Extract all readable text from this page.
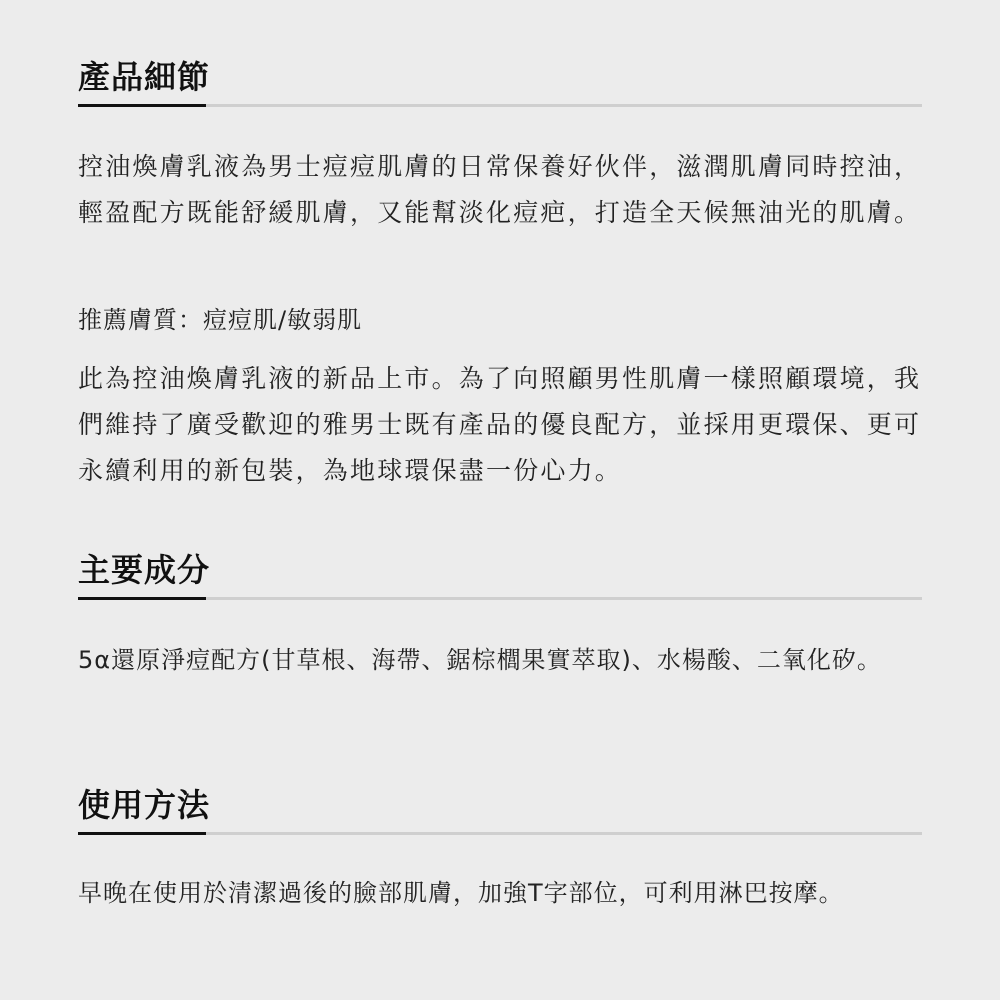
產品細節

控油煥膚乳液為男士痘痘肌膚的日常保養好伙伴，滋潤肌膚同時控油，輕盈配方既能舒緩肌膚，又能幫淡化痘疤，打造全天候無油光的肌膚。

推薦膚質：痘痘肌/敏弱肌

此為控油煥膚乳液的新品上市。為了向照顧男性肌膚一樣照顧環境，我們維持了廣受歡迎的雅男士既有產品的優良配方，並採用更環保、更可永續利用的新包裝，為地球環保盡一份心力。

主要成分

5α還原淨痘配方(甘草根、海帶、鋸棕櫚果實萃取)、水楊酸、二氧化矽。

使用方法

早晚在使用於清潔過後的臉部肌膚，加強T字部位，可利用淋巴按摩。
